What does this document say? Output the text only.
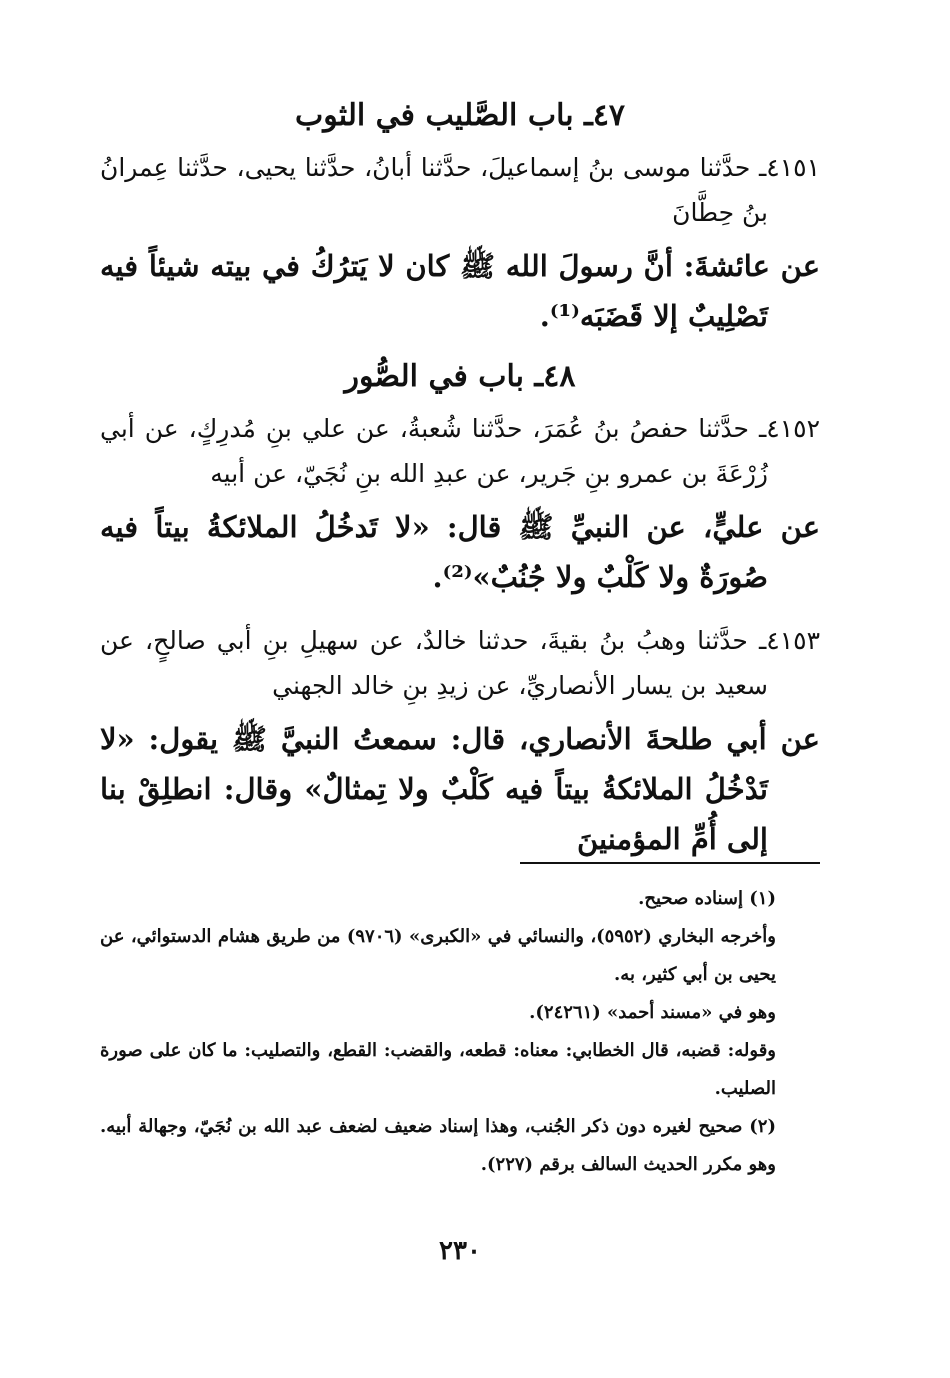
٤٧ـ باب الصَّليب في الثوب

٤١٥١ـ حدَّثنا موسى بنُ إسماعيلَ، حدَّثنا أبانُ، حدَّثنا يحيى، حدَّثنا عِمرانُ بنُ حِطَّانَ

عن عائشةَ: أنَّ رسولَ الله ﷺ كان لا يَترُكُ في بيته شيئاً فيه تَصْلِيبٌ إلا قَضَبَه⁽¹⁾.

٤٨ـ باب في الصُّور

٤١٥٢ـ حدَّثنا حفصُ بنُ عُمَرَ، حدَّثنا شُعبةُ، عن علي بنِ مُدرِكٍ، عن أبي زُرْعَةَ بن عمرو بنِ جَرير، عن عبدِ الله بنِ نُجَيّ، عن أبيه

عن عليٍّ، عن النبيِّ ﷺ قال: «لا تَدخُلُ الملائكةُ بيتاً فيه صُورَةٌ ولا كَلْبٌ ولا جُنُبٌ»⁽²⁾.

٤١٥٣ـ حدَّثنا وهبُ بنُ بقيةَ، حدثنا خالدٌ، عن سهيلِ بنِ أبي صالحٍ، عن سعيد بن يسار الأنصاريِّ، عن زيدِ بنِ خالد الجهني

عن أبي طلحةَ الأنصاري، قال: سمعتُ النبيَّ ﷺ يقول: «لا تَدْخُلُ الملائكةُ بيتاً فيه كَلْبٌ ولا تِمثالٌ» وقال: انطلِقْ بنا إلى أُمِّ المؤمنينَ

(١) إسناده صحيح.

وأخرجه البخاري (٥٩٥٢)، والنسائي في «الكبرى» (٩٧٠٦) من طريق هشام الدستوائي، عن يحيى بن أبي كثير، به.

وهو في «مسند أحمد» (٢٤٢٦١).

وقوله: قضبه، قال الخطابي: معناه: قطعه، والقضب: القطع، والتصليب: ما كان على صورة الصليب.

(٢) صحيح لغيره دون ذكر الجُنب، وهذا إسناد ضعيف لضعف عبد الله بن نُجَيّ، وجهالة أبيه. وهو مكرر الحديث السالف برقم (٢٢٧).

٢٣٠
